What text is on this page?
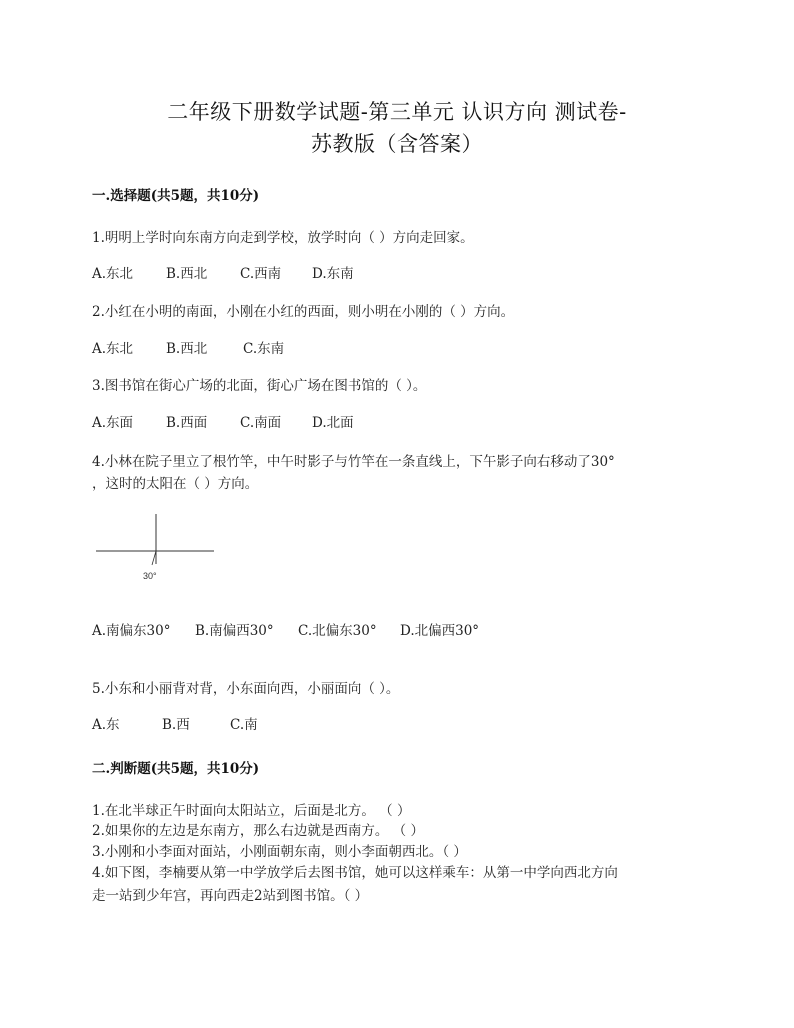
二年级下册数学试题-第三单元 认识方向 测试卷-
苏教版（含答案）
一.选择题(共5题，共10分)
1.明明上学时向东南方向走到学校，放学时向（ ）方向走回家。
A.东北 B.西北 C.西南 D.东南
2.小红在小明的南面，小刚在小红的西面，则小明在小刚的（ ）方向。
A.东北 B.西北	C.东南
3.图书馆在街心广场的北面，街心广场在图书馆的（ ）。
A.东面 B.西面 C.南面 D.北面
4.小林在院子里立了根竹竿，中午时影子与竹竿在一条直线上，下午影子向右移动了30°
，这时的太阳在（ ）方向。
30°
A.南偏东30° B.南偏西30° C.北偏东30° D.北偏西30°
5.小东和小丽背对背，小东面向西，小丽面向（ ）。
A.东	B.西	C.南
二.判断题(共5题，共10分)
1.在北半球正午时面向太阳站立，后面是北方。 （ ）
2.如果你的左边是东南方，那么右边就是西南方。 （ ）
3.小刚和小李面对面站，小刚面朝东南，则小李面朝西北。（ ）
4.如下图，李楠要从第一中学放学后去图书馆，她可以这样乘车：从第一中学向西北方向
走一站到少年宫，再向西走2站到图书馆。（ ）
